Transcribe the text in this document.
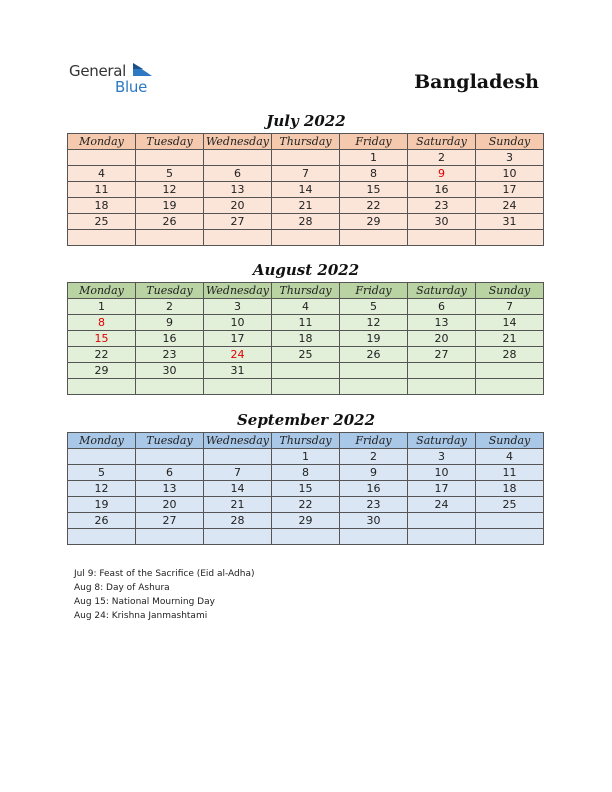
General
Blue	Bangladesh
July 2022
Monday	Tuesday	Wednesday	Thursday	Friday	Saturday	Sunday
				1	2	3
4	5	6	7	8	9	10
11	12	13	14	15	16	17
18	19	20	21	22	23	24
25	26	27	28	29	30	31

August 2022
Monday	Tuesday	Wednesday	Thursday	Friday	Saturday	Sunday
1	2	3	4	5	6	7
8	9	10	11	12	13	14
15	16	17	18	19	20	21
22	23	24	25	26	27	28
29	30	31				

September 2022
Monday	Tuesday	Wednesday	Thursday	Friday	Saturday	Sunday
			1	2	3	4
5	6	7	8	9	10	11
12	13	14	15	16	17	18
19	20	21	22	23	24	25
26	27	28	29	30		

Jul 9: Feast of the Sacrifice (Eid al-Adha)
Aug 8: Day of Ashura
Aug 15: National Mourning Day
Aug 24: Krishna Janmashtami
